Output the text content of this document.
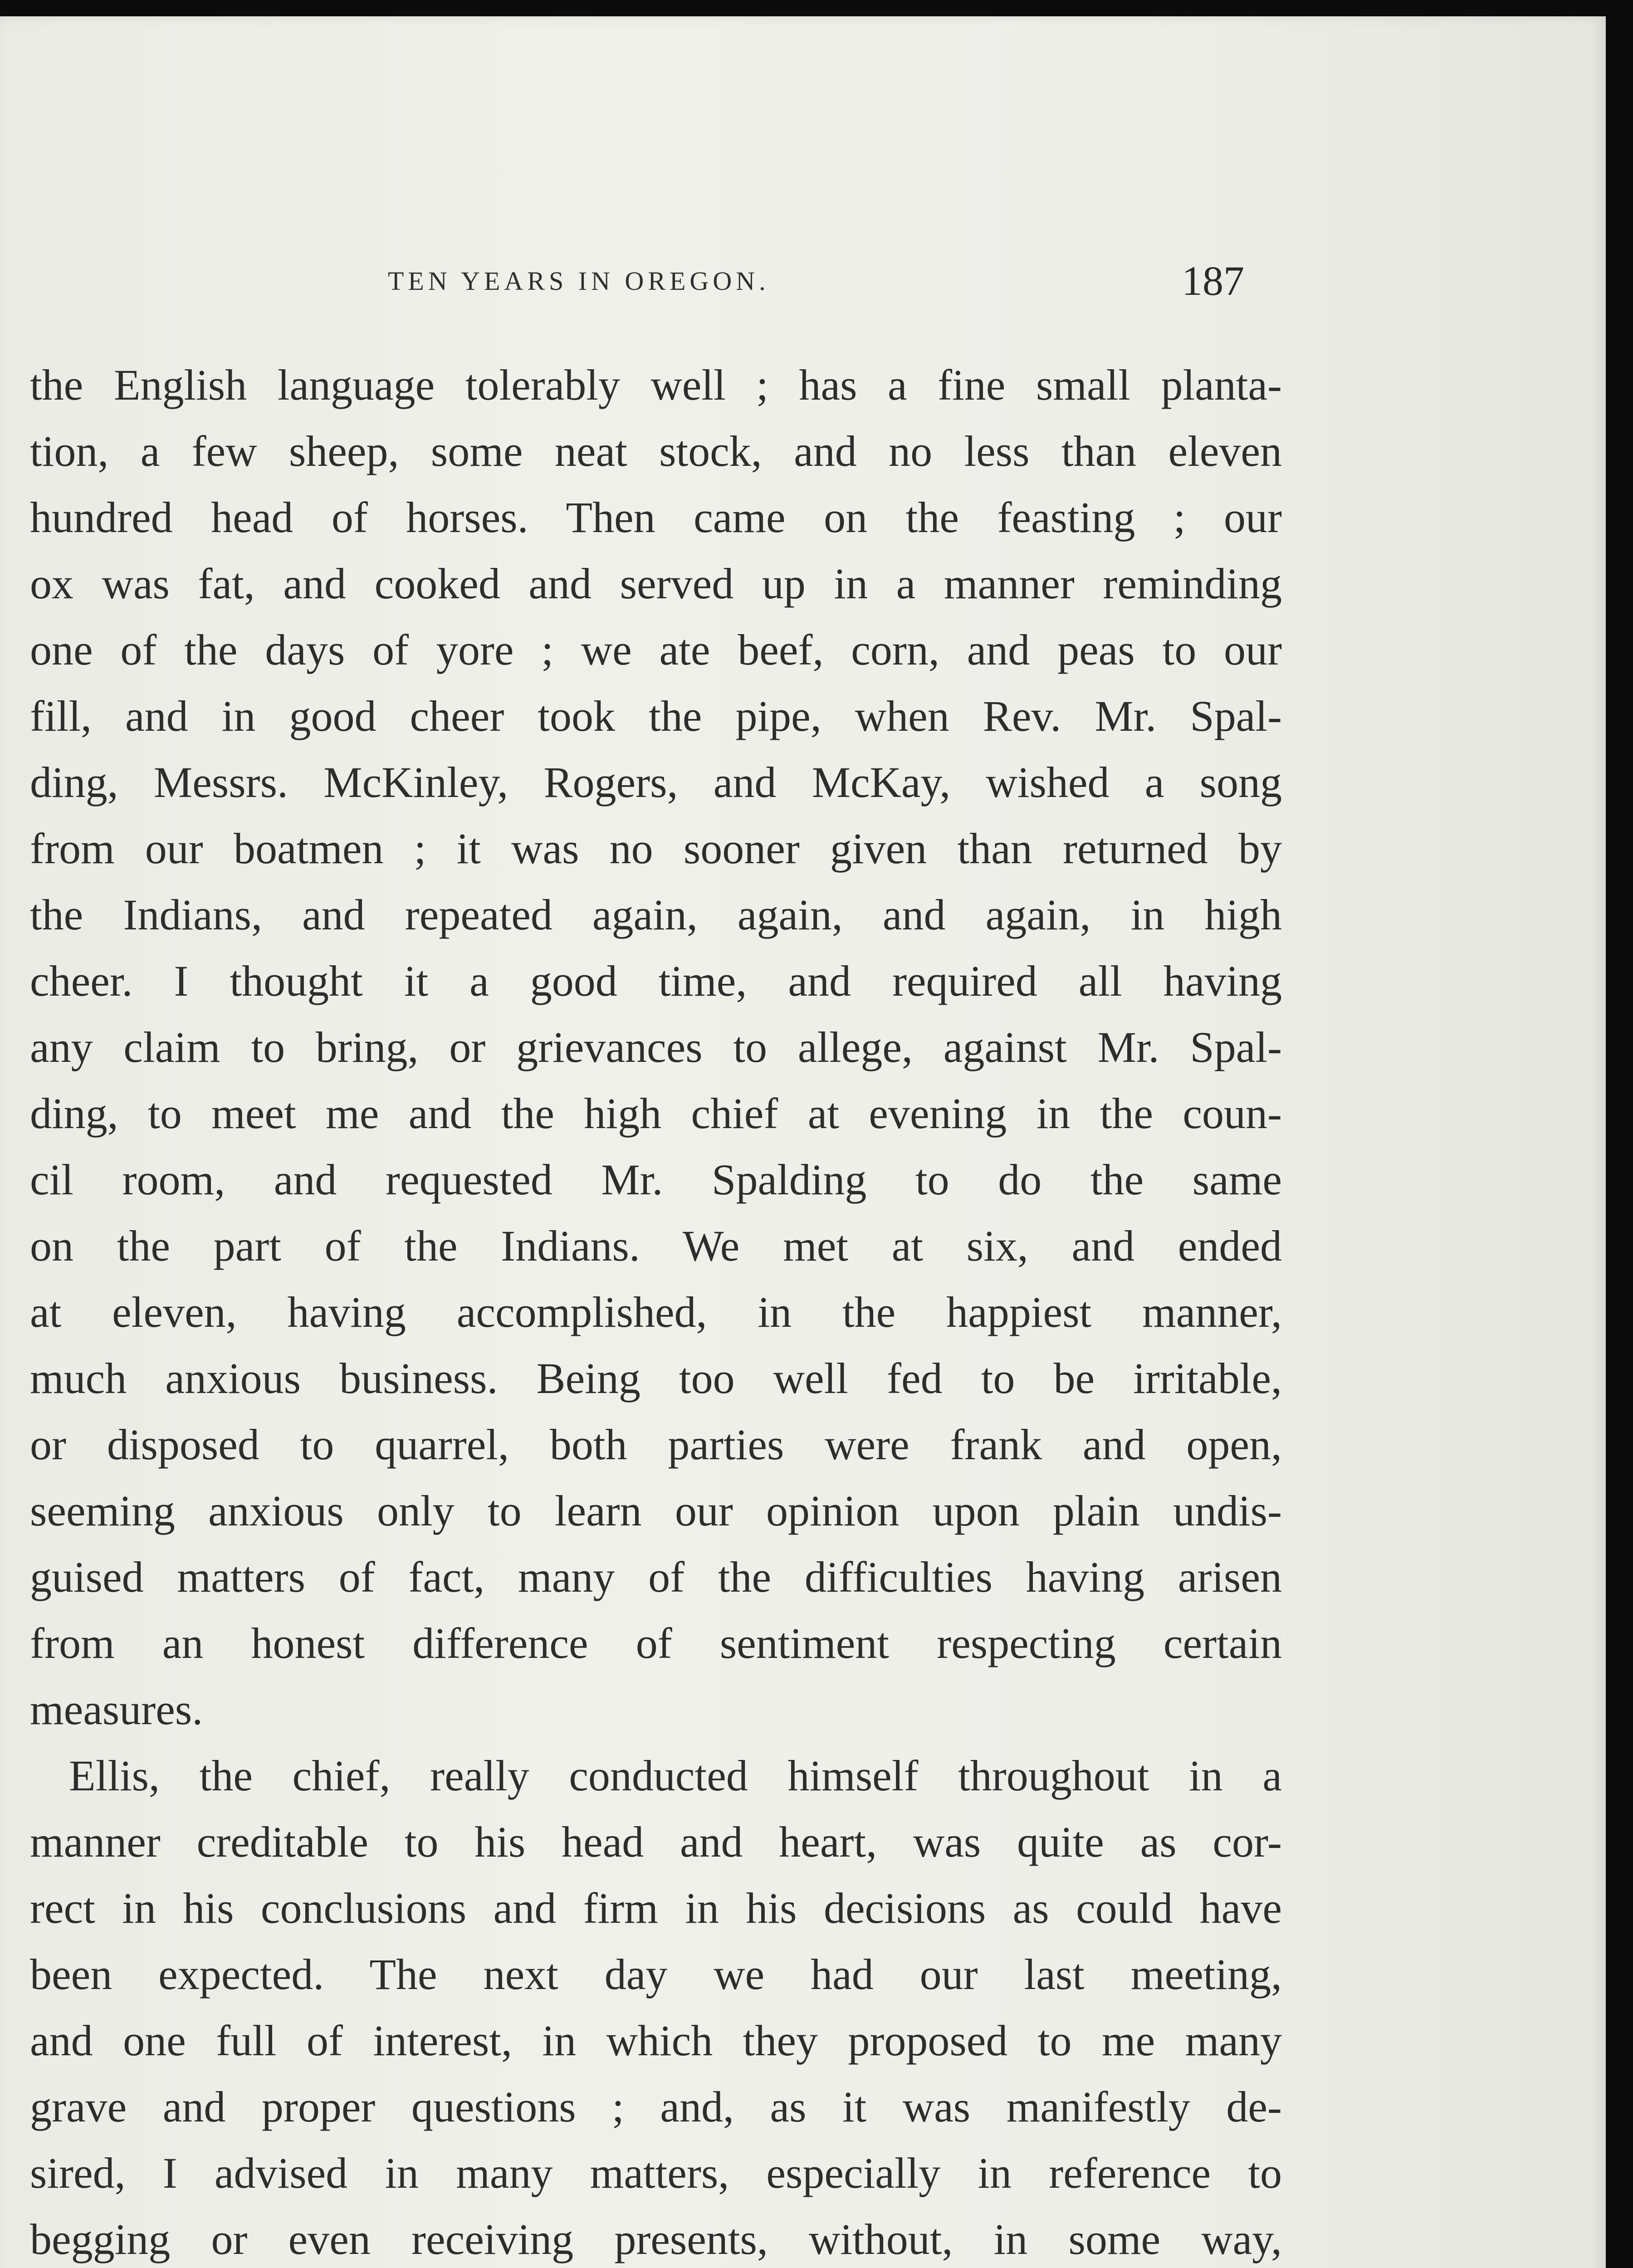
TEN YEARS IN OREGON.	187
the English language tolerably well ; has a fine small planta-
tion, a few sheep, some neat stock, and no less than eleven
hundred head of horses. Then came on the feasting ; our
ox was fat, and cooked and served up in a manner reminding
one of the days of yore ; we ate beef, corn, and peas to our
fill, and in good cheer took the pipe, when Rev. Mr. Spal-
ding, Messrs. McKinley, Rogers, and McKay, wished a song
from our boatmen ; it was no sooner given than returned by
the Indians, and repeated again, again, and again, in high
cheer. I thought it a good time, and required all having
any claim to bring, or grievances to allege, against Mr. Spal-
ding, to meet me and the high chief at evening in the coun-
cil room, and requested Mr. Spalding to do the same
on the part of the Indians. We met at six, and ended
at eleven, having accomplished, in the happiest manner,
much anxious business. Being too well fed to be irritable,
or disposed to quarrel, both parties were frank and open,
seeming anxious only to learn our opinion upon plain undis-
guised matters of fact, many of the difficulties having arisen
from an honest difference of sentiment respecting certain
measures.
Ellis, the chief, really conducted himself throughout in a
manner creditable to his head and heart, was quite as cor-
rect in his conclusions and firm in his decisions as could have
been expected. The next day we had our last meeting,
and one full of interest, in which they proposed to me many
grave and proper questions ; and, as it was manifestly de-
sired, I advised in many matters, especially in reference to
begging or even receiving presents, without, in some way,
